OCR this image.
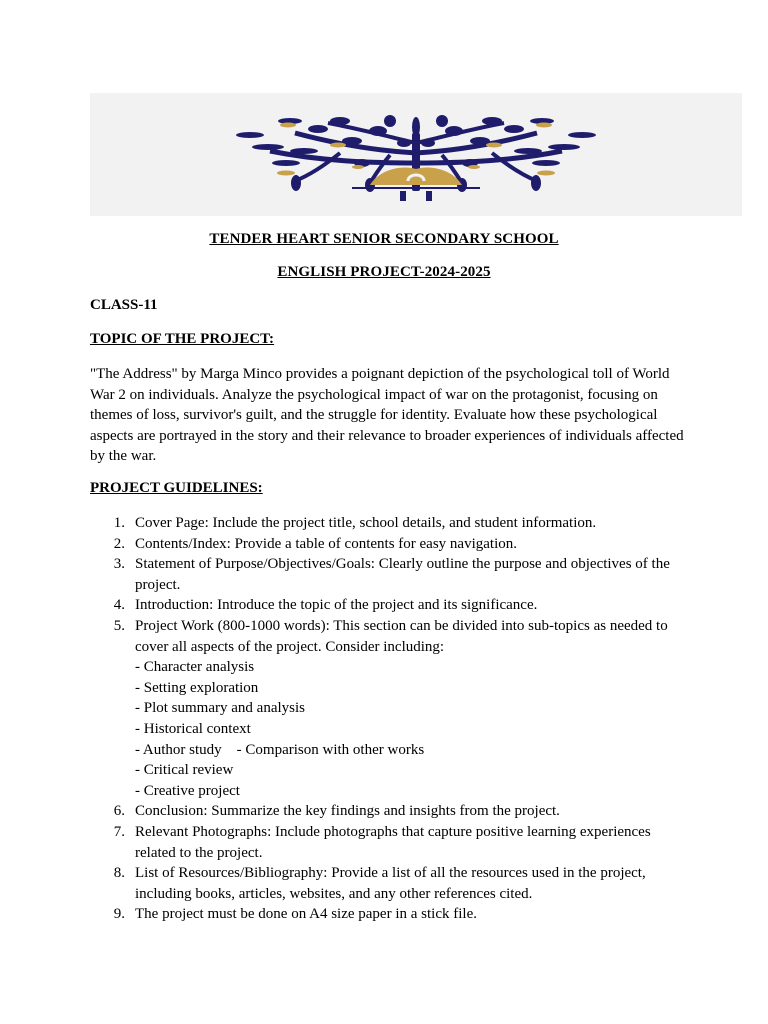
TENDER HEART SENIOR SECONDARY SCHOOL
ENGLISH PROJECT-2024-2025
CLASS-11
TOPIC OF THE PROJECT:

"The Address" by Marga Minco provides a poignant depiction of the psychological toll of World War 2 on individuals. Analyze the psychological impact of war on the protagonist, focusing on themes of loss, survivor's guilt, and the struggle for identity. Evaluate how these psychological aspects are portrayed in the story and their relevance to broader experiences of individuals affected by the war.

PROJECT GUIDELINES:
1. Cover Page: Include the project title, school details, and student information.
2. Contents/Index: Provide a table of contents for easy navigation.
3. Statement of Purpose/Objectives/Goals: Clearly outline the purpose and objectives of the project.
4. Introduction: Introduce the topic of the project and its significance.
5. Project Work (800-1000 words): This section can be divided into sub-topics as needed to cover all aspects of the project. Consider including:
- Character analysis
- Setting exploration
- Plot summary and analysis
- Historical context
- Author study - Comparison with other works
- Critical review
- Creative project
6. Conclusion: Summarize the key findings and insights from the project.
7. Relevant Photographs: Include photographs that capture positive learning experiences related to the project.
8. List of Resources/Bibliography: Provide a list of all the resources used in the project, including books, articles, websites, and any other references cited.
9. The project must be done on A4 size paper in a stick file.
